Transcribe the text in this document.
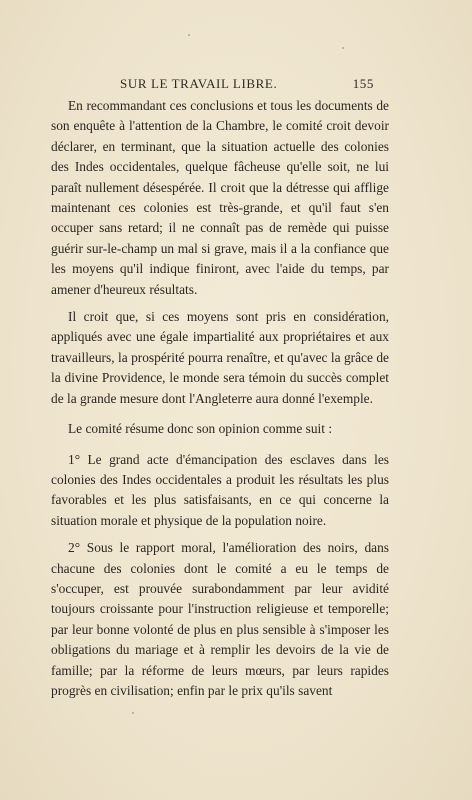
SUR LE TRAVAIL LIBRE.	155

En recommandant ces conclusions et tous les documents de son enquête à l'attention de la Chambre, le comité croit devoir déclarer, en terminant, que la situation actuelle des colonies des Indes occidentales, quelque fâcheuse qu'elle soit, ne lui paraît nullement désespérée. Il croit que la détresse qui afflige maintenant ces colonies est très-grande, et qu'il faut s'en occuper sans retard; il ne connaît pas de remède qui puisse guérir sur-le-champ un mal si grave, mais il a la confiance que les moyens qu'il indique finiront, avec l'aide du temps, par amener d'heureux résultats.

Il croit que, si ces moyens sont pris en considération, appliqués avec une égale impartialité aux propriétaires et aux travailleurs, la prospérité pourra renaître, et qu'avec la grâce de la divine Providence, le monde sera témoin du succès complet de la grande mesure dont l'Angleterre aura donné l'exemple.

Le comité résume donc son opinion comme suit :

1° Le grand acte d'émancipation des esclaves dans les colonies des Indes occidentales a produit les résultats les plus favorables et les plus satisfaisants, en ce qui concerne la situation morale et physique de la population noire.

2° Sous le rapport moral, l'amélioration des noirs, dans chacune des colonies dont le comité a eu le temps de s'occuper, est prouvée surabondamment par leur avidité toujours croissante pour l'instruction religieuse et temporelle; par leur bonne volonté de plus en plus sensible à s'imposer les obligations du mariage et à remplir les devoirs de la vie de famille; par la réforme de leurs mœurs, par leurs rapides progrès en civilisation; enfin par le prix qu'ils savent
